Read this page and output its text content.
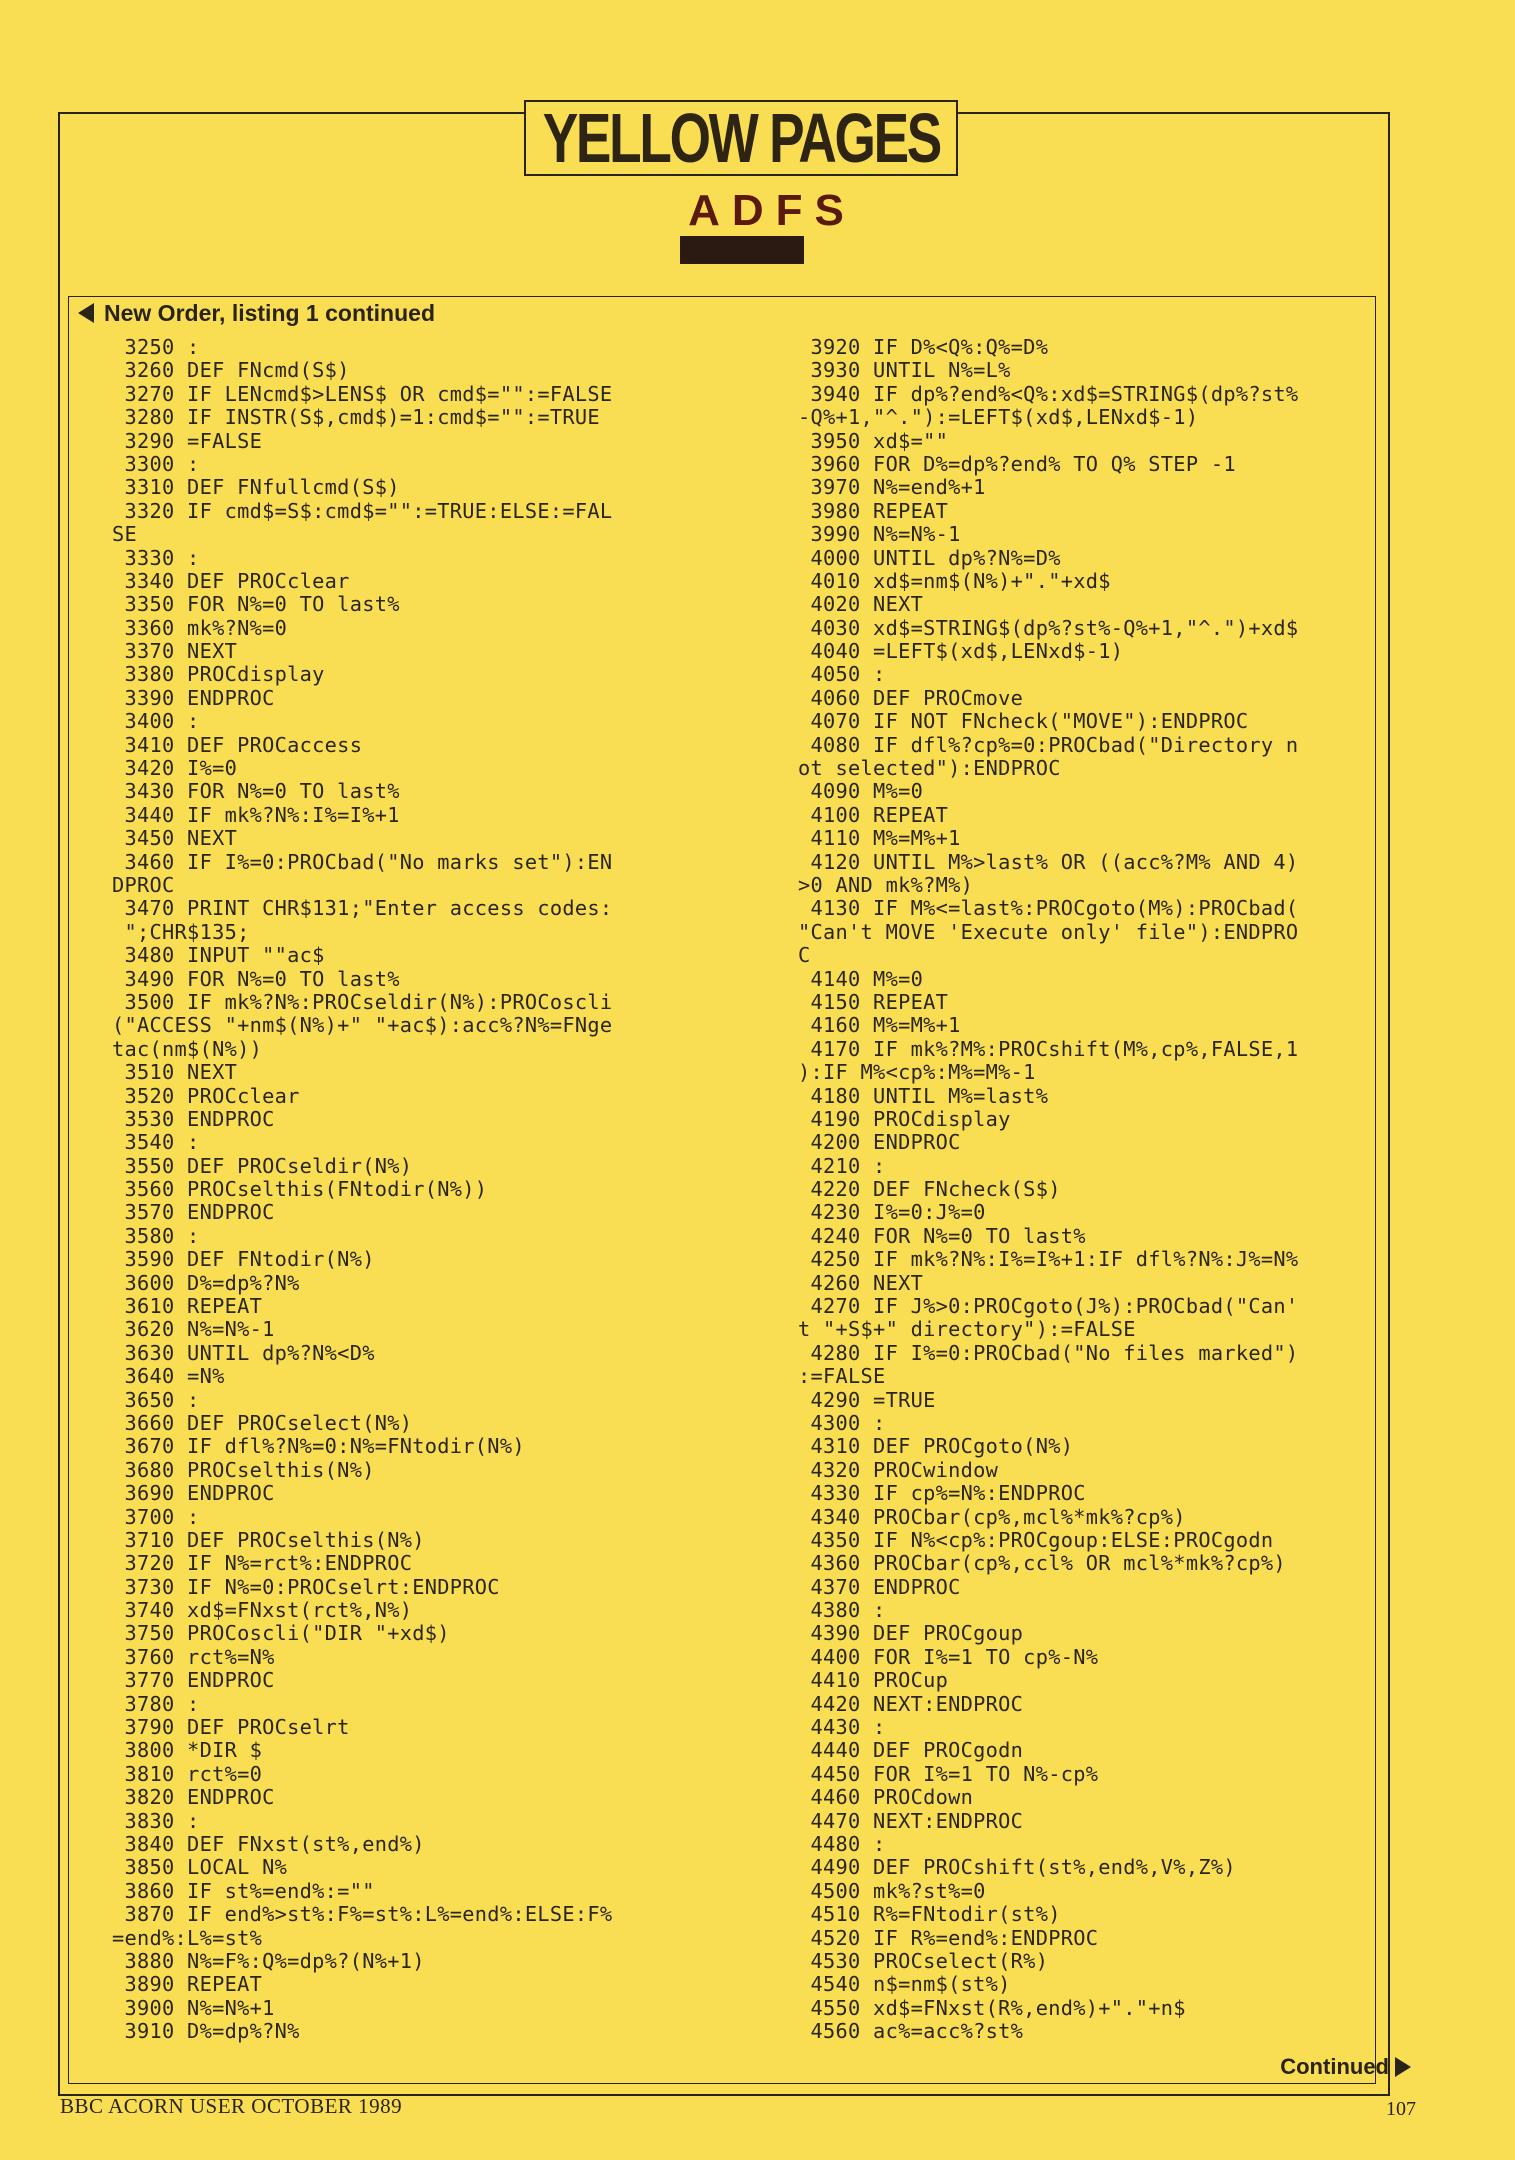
YELLOW PAGES
ADFS
New Order, listing 1 continued
3250 :
3260 DEF FNcmd(S$)
3270 IF LENcmd$>LENS$ OR cmd$="":=FALSE
3280 IF INSTR(S$,cmd$)=1:cmd$="":=TRUE
3290 =FALSE
3300 :
3310 DEF FNfullcmd(S$)
3320 IF cmd$=S$:cmd$="":=TRUE:ELSE:=FAL
SE
3330 :
3340 DEF PROCclear
3350 FOR N%=0 TO last%
3360 mk%?N%=0
3370 NEXT
3380 PROCdisplay
3390 ENDPROC
3400 :
3410 DEF PROCaccess
3420 I%=0
3430 FOR N%=0 TO last%
3440 IF mk%?N%:I%=I%+1
3450 NEXT
3460 IF I%=0:PROCbad("No marks set"):EN
DPROC
3470 PRINT CHR$131;"Enter access codes:
";CHR$135;
3480 INPUT ""ac$
3490 FOR N%=0 TO last%
3500 IF mk%?N%:PROCseldir(N%):PROCoscli
("ACCESS "+nm$(N%)+" "+ac$):acc%?N%=FNge
tac(nm$(N%))
3510 NEXT
3520 PROCclear
3530 ENDPROC
3540 :
3550 DEF PROCseldir(N%)
3560 PROCselthis(FNtodir(N%))
3570 ENDPROC
3580 :
3590 DEF FNtodir(N%)
3600 D%=dp%?N%
3610 REPEAT
3620 N%=N%-1
3630 UNTIL dp%?N%<D%
3640 =N%
3650 :
3660 DEF PROCselect(N%)
3670 IF dfl%?N%=0:N%=FNtodir(N%)
3680 PROCselthis(N%)
3690 ENDPROC
3700 :
3710 DEF PROCselthis(N%)
3720 IF N%=rct%:ENDPROC
3730 IF N%=0:PROCselrt:ENDPROC
3740 xd$=FNxst(rct%,N%)
3750 PROCoscli("DIR "+xd$)
3760 rct%=N%
3770 ENDPROC
3780 :
3790 DEF PROCselrt
3800 *DIR $
3810 rct%=0
3820 ENDPROC
3830 :
3840 DEF FNxst(st%,end%)
3850 LOCAL N%
3860 IF st%=end%:=""
3870 IF end%>st%:F%=st%:L%=end%:ELSE:F%
=end%:L%=st%
3880 N%=F%:Q%=dp%?(N%+1)
3890 REPEAT
3900 N%=N%+1
3910 D%=dp%?N%
3920 IF D%<Q%:Q%=D%
3930 UNTIL N%=L%
3940 IF dp%?end%<Q%:xd$=STRING$(dp%?st%
-Q%+1,"^."):=LEFT$(xd$,LENxd$-1)
3950 xd$=""
3960 FOR D%=dp%?end% TO Q% STEP -1
3970 N%=end%+1
3980 REPEAT
3990 N%=N%-1
4000 UNTIL dp%?N%=D%
4010 xd$=nm$(N%)+"."+xd$
4020 NEXT
4030 xd$=STRING$(dp%?st%-Q%+1,"^.")+xd$
4040 =LEFT$(xd$,LENxd$-1)
4050 :
4060 DEF PROCmove
4070 IF NOT FNcheck("MOVE"):ENDPROC
4080 IF dfl%?cp%=0:PROCbad("Directory n
ot selected"):ENDPROC
4090 M%=0
4100 REPEAT
4110 M%=M%+1
4120 UNTIL M%>last% OR ((acc%?M% AND 4)
>0 AND mk%?M%)
4130 IF M%<=last%:PROCgoto(M%):PROCbad(
"Can't MOVE 'Execute only' file"):ENDPRO
C
4140 M%=0
4150 REPEAT
4160 M%=M%+1
4170 IF mk%?M%:PROCshift(M%,cp%,FALSE,1
):IF M%<cp%:M%=M%-1
4180 UNTIL M%=last%
4190 PROCdisplay
4200 ENDPROC
4210 :
4220 DEF FNcheck(S$)
4230 I%=0:J%=0
4240 FOR N%=0 TO last%
4250 IF mk%?N%:I%=I%+1:IF dfl%?N%:J%=N%
4260 NEXT
4270 IF J%>0:PROCgoto(J%):PROCbad("Can'
t "+S$+" directory"):=FALSE
4280 IF I%=0:PROCbad("No files marked")
:=FALSE
4290 =TRUE
4300 :
4310 DEF PROCgoto(N%)
4320 PROCwindow
4330 IF cp%=N%:ENDPROC
4340 PROCbar(cp%,mcl%*mk%?cp%)
4350 IF N%<cp%:PROCgoup:ELSE:PROCgodn
4360 PROCbar(cp%,ccl% OR mcl%*mk%?cp%)
4370 ENDPROC
4380 :
4390 DEF PROCgoup
4400 FOR I%=1 TO cp%-N%
4410 PROCup
4420 NEXT:ENDPROC
4430 :
4440 DEF PROCgodn
4450 FOR I%=1 TO N%-cp%
4460 PROCdown
4470 NEXT:ENDPROC
4480 :
4490 DEF PROCshift(st%,end%,V%,Z%)
4500 mk%?st%=0
4510 R%=FNtodir(st%)
4520 IF R%=end%:ENDPROC
4530 PROCselect(R%)
4540 n$=nm$(st%)
4550 xd$=FNxst(R%,end%)+"."+n$
4560 ac%=acc%?st%
Continued
BBC ACORN USER OCTOBER 1989	107
